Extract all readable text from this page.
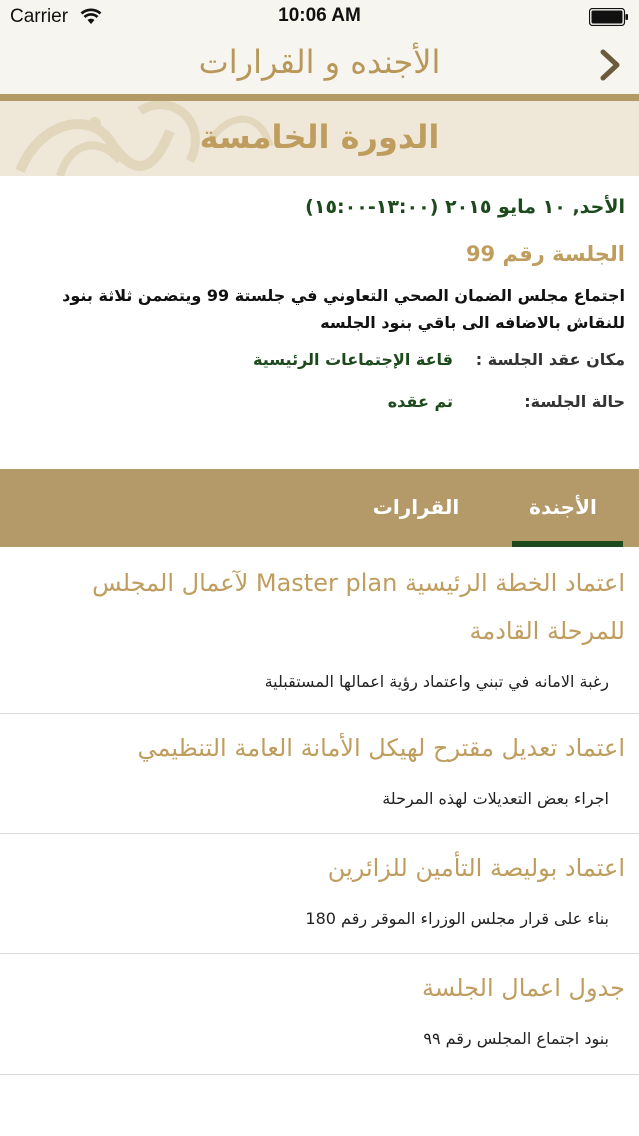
Carrier	10:06 AM
الأجنده و القرارات
الدورة الخامسة
الأحد, ١٠ مايو ٢٠١٥ (١٣:٠٠-١٥:٠٠)
الجلسة رقم 99
اجتماع مجلس الضمان الصحي التعاوني في جلستة 99 ويتضمن ثلاثة بنود للنقاش بالاضافه الى باقي بنود الجلسه
مكان عقد الجلسة :
قاعة الإجتماعات الرئيسية
حالة الجلسة:
تم عقده
الأجندة
القرارات
اعتماد الخطة الرئيسية Master plan لآعمال المجلس للمرحلة القادمة
رغبة الامانه في تبني واعتماد رؤية اعمالها المستقبلية
اعتماد تعديل مقترح لهيكل الأمانة العامة التنظيمي
اجراء بعض التعديلات لهذه المرحلة
اعتماد بوليصة التأمين للزائرين
بناء على قرار مجلس الوزراء الموقر رقم 180
جدول اعمال الجلسة
بنود اجتماع المجلس رقم ٩٩
